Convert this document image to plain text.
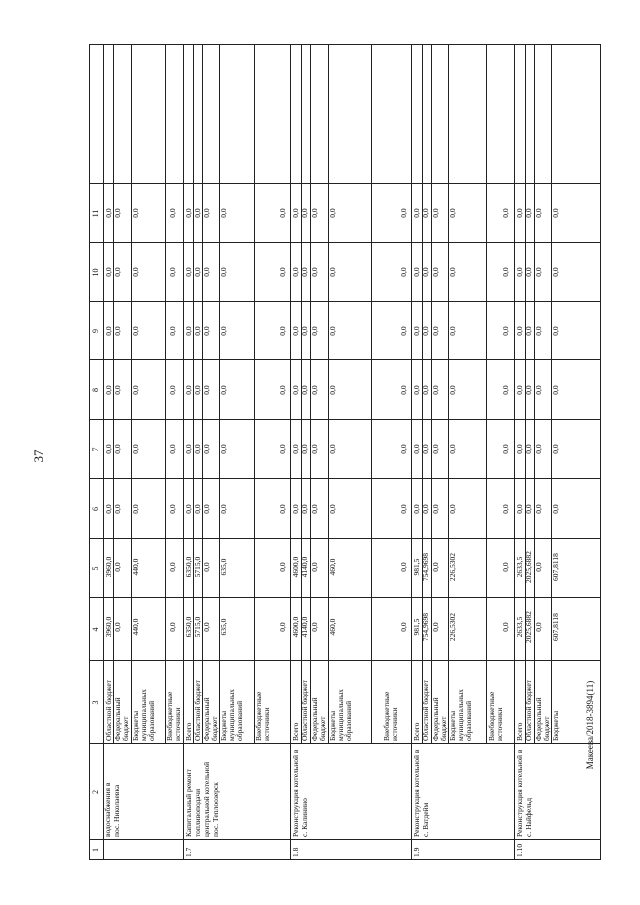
37
Макеева/2018-3894(11)
1
2
3
4
5
6
7
8
9
10
11
водоснабжения в пос. Николаевка
Областной бюджет Федеральный бюджет Бюджеты муниципальных образований Внебюджетные источники
3960,0
3960,0
0,0
0,0
0,0
0,0
0,0
0,0
0,0
0,0
0,0
0,0
0,0
0,0
0,0
0,0
440,0
440,0
0,0
0,0
0,0
0,0
0,0
0,0
0,0
0,0
0,0
0,0
0,0
0,0
0,0
0,0
1.7
Капитальный ремонт топливоподачи центральной котельной пос. Теплоозерск
Всего Областной бюджет Федеральный бюджет Бюджеты муниципальных образований Внебюджетные источники
6350,0
6350,0
0,0
0,0
0,0
0,0
0,0
0,0
5715,0
5715,0
0,0
0,0
0,0
0,0
0,0
0,0
0,0
0,0
0,0
0,0
0,0
0,0
0,0
0,0
635,0
635,0
0,0
0,0
0,0
0,0
0,0
0,0
0,0
0,0
0,0
0,0
0,0
0,0
0,0
0,0
1.8
Реконструкция котельной в с. Калинино
Всего Областной бюджет Федеральный бюджет Бюджеты муниципальных образований	Внебюджетные источники
4600,0
4600,0
0,0
0,0
0,0
0,0
0,0
0,0
4140,0
4140,0
0,0
0,0
0,0
0,0
0,0
0,0
0,0
0,0
0,0
0,0
0,0
0,0
0,0
0,0
460,0
460,0
0,0
0,0
0,0
0,0
0,0
0,0
0,0
0,0
0,0
0,0
0,0
0,0
0,0
0,0
1.9
Реконструкция котельной в с. Ватдейм
Всего Областной бюджет Федеральный бюджет Бюджеты муниципальных образований Внебюджетные источники
981,5
981,5
0,0
0,0
0,0
0,0
0,0
0,0
754,9698
754,9698
0,0
0,0
0,0
0,0
0,0
0,0
0,0
0,0
0,0
0,0
0,0
0,0
0,0
0,0
226,5302
226,5302
0,0
0,0
0,0
0,0
0,0
0,0
0,0
0,0
0,0
0,0
0,0
0,0
0,0
0,0
1.10
Реконструкция котельной в с. Найфельд
Всего Областной бюджет Федеральный бюджет Бюджеты
2633,5
2633,5
0,0
0,0
0,0
0,0
0,0
0,0
2025,6882
2025,6882
0,0
0,0
0,0
0,0
0,0
0,0
0,0
0,0
0,0
0,0
0,0
0,0
0,0
0,0
607,8118
607,8118
0,0
0,0
0,0
0,0
0,0
0,0
